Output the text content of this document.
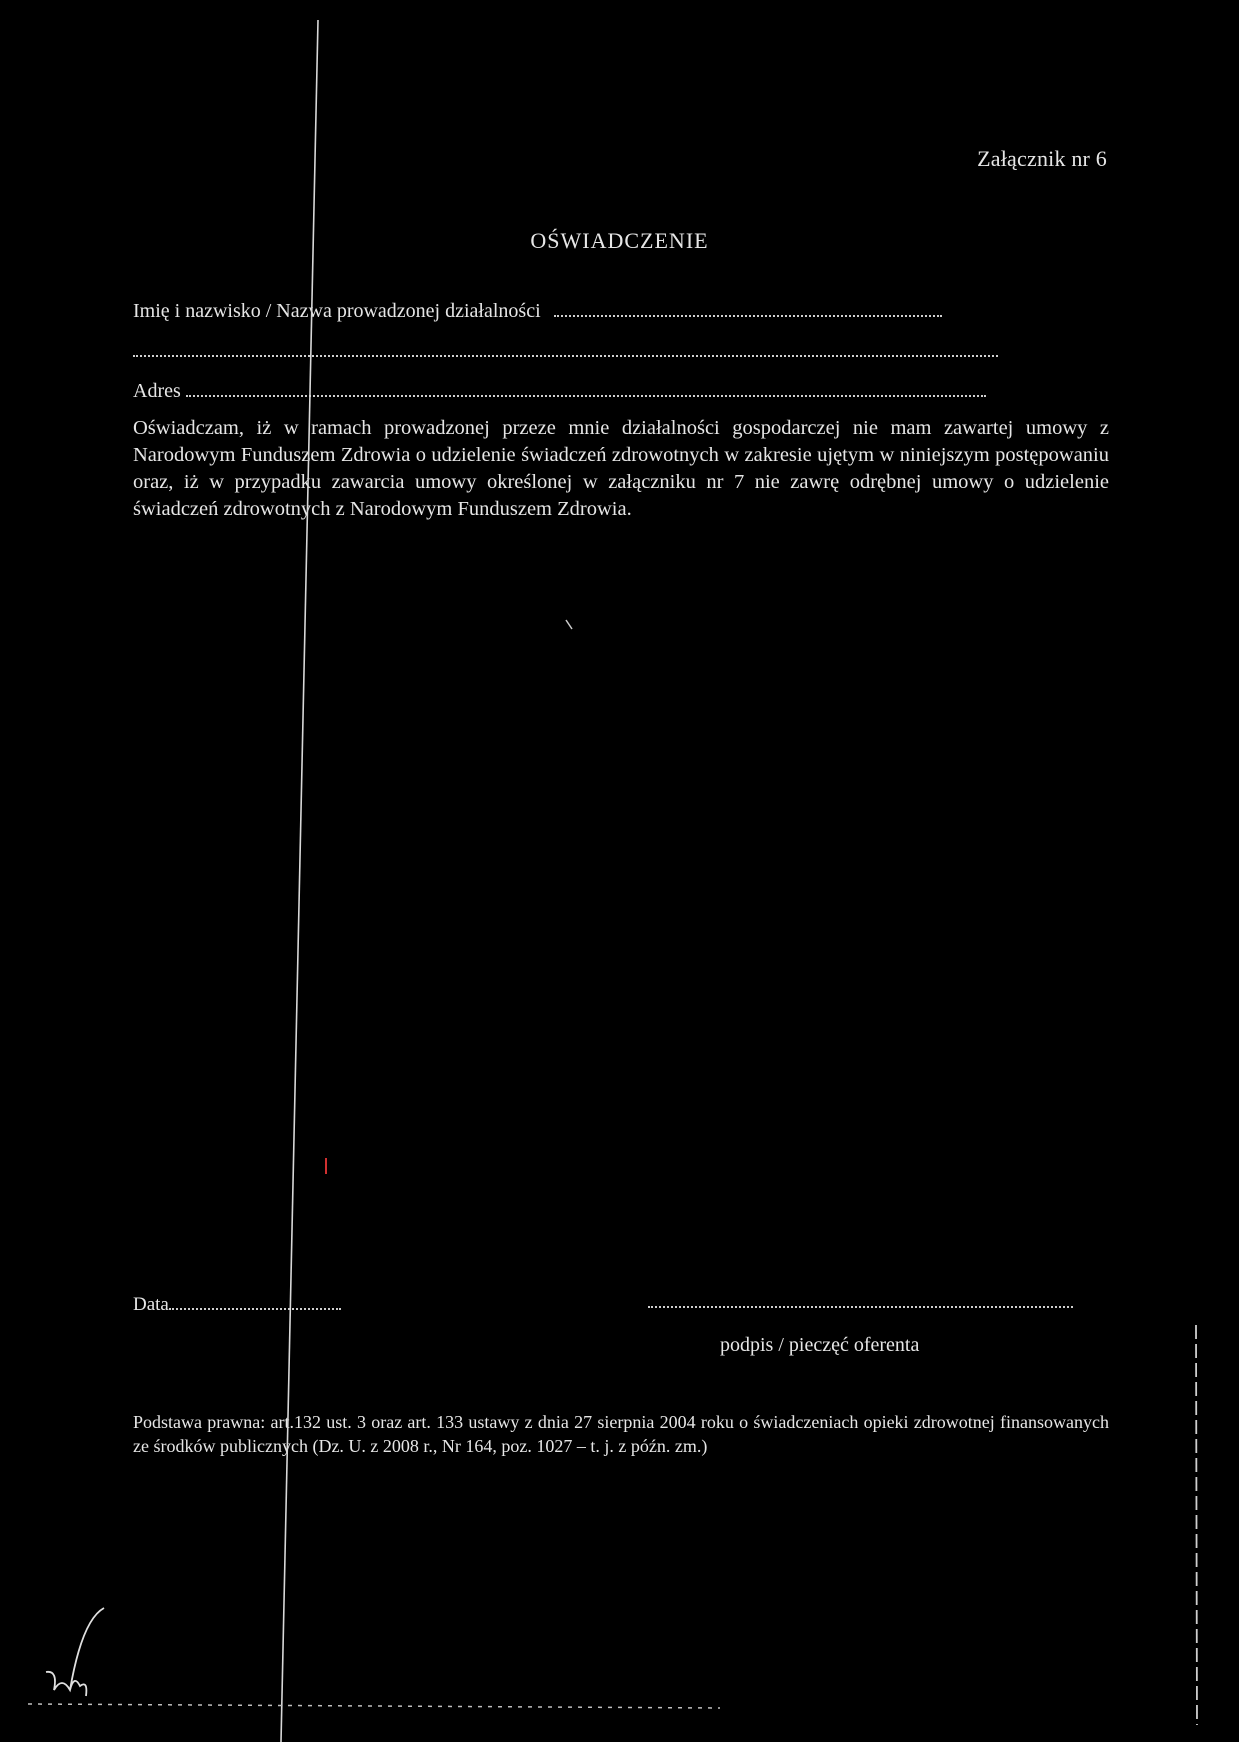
Załącznik nr 6
OŚWIADCZENIE
Imię i nazwisko / Nazwa prowadzonej działalności
Adres
Oświadczam, iż w ramach prowadzonej przeze mnie działalności gospodarczej nie mam zawartej umowy z Narodowym Funduszem Zdrowia o udzielenie świadczeń zdrowotnych w zakresie ujętym w niniejszym postępowaniu oraz, iż w przypadku zawarcia umowy określonej w załączniku nr 7 nie zawrę odrębnej umowy o udzielenie świadczeń zdrowotnych z Narodowym Funduszem Zdrowia.
Data
podpis / pieczęć oferenta
Podstawa prawna: art.132 ust. 3 oraz art. 133 ustawy z dnia 27 sierpnia 2004 roku o świadczeniach opieki zdrowotnej finansowanych ze środków publicznych (Dz. U. z 2008 r., Nr 164, poz. 1027 – t. j. z późn. zm.)
